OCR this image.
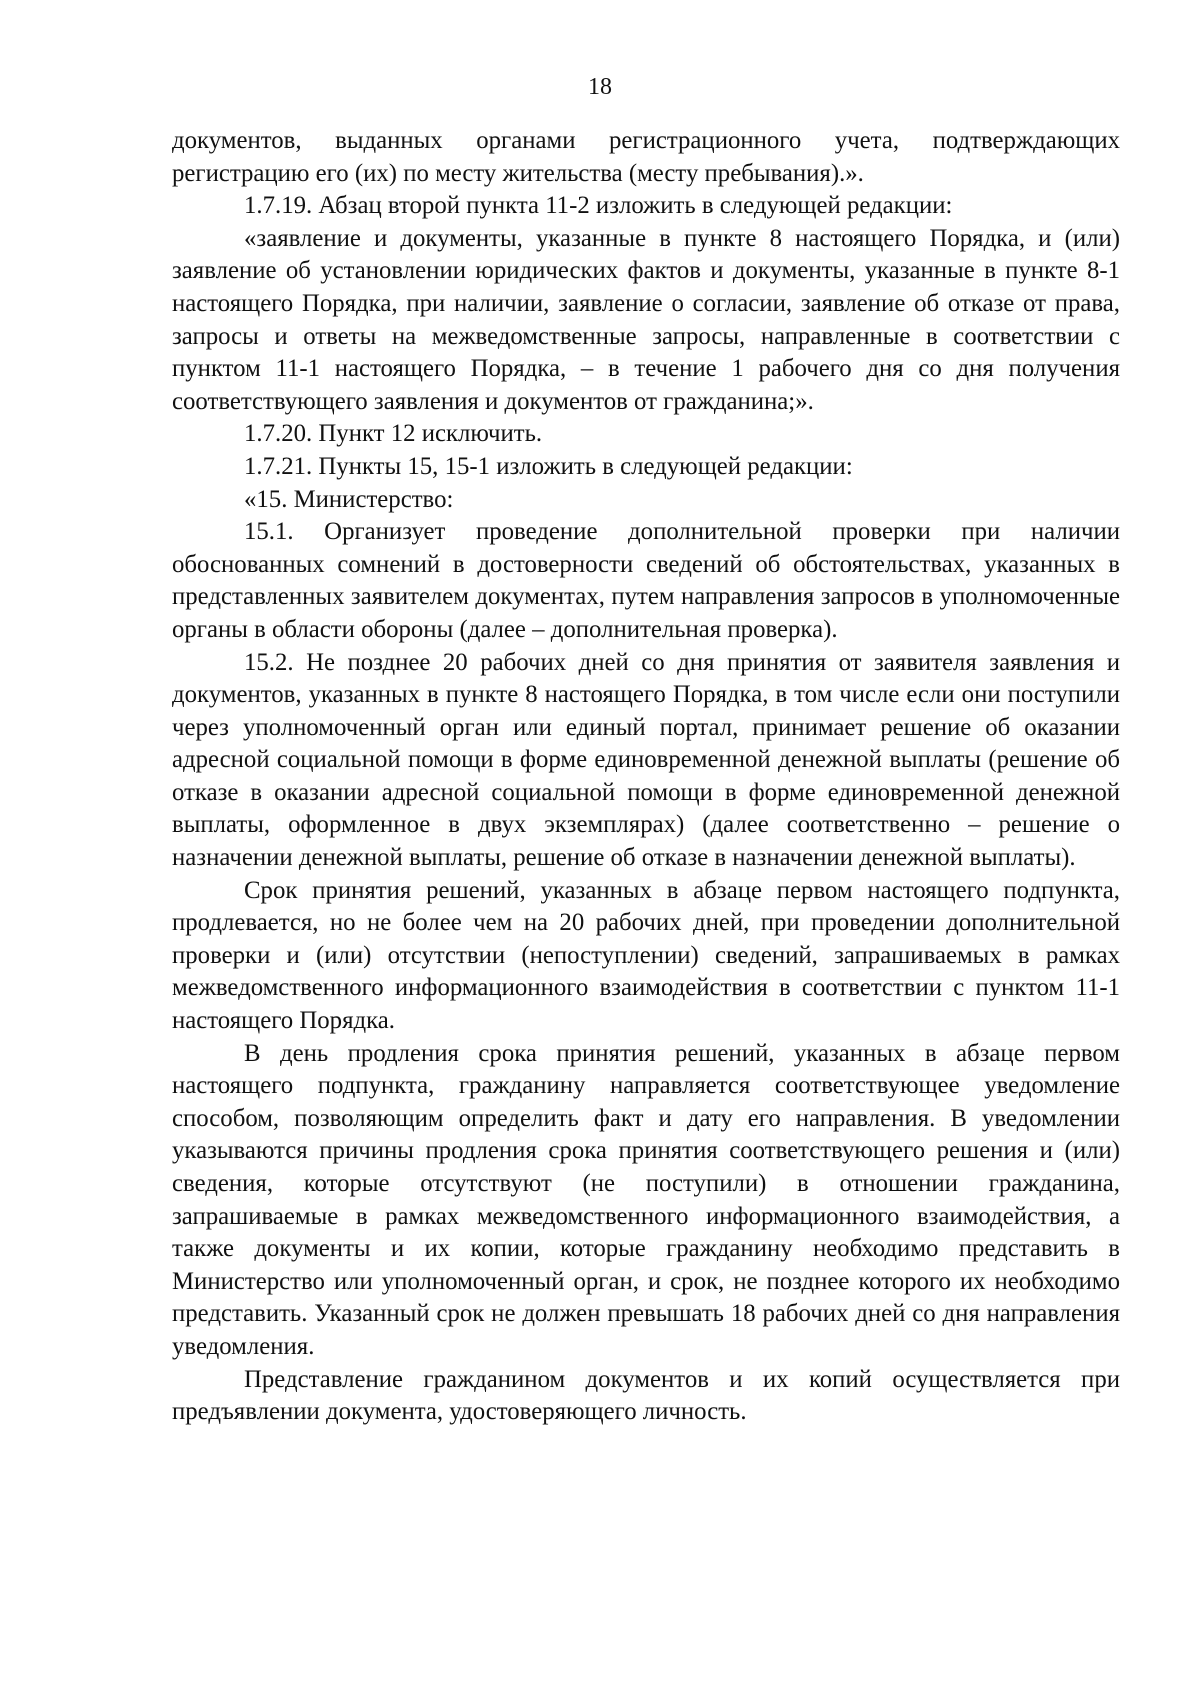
18

документов, выданных органами регистрационного учета, подтверждающих регистрацию его (их) по месту жительства (месту пребывания).».

1.7.19. Абзац второй пункта 11-2 изложить в следующей редакции:

«заявление и документы, указанные в пункте 8 настоящего Порядка, и (или) заявление об установлении юридических фактов и документы, указанные в пункте 8-1 настоящего Порядка, при наличии, заявление о согласии, заявление об отказе от права, запросы и ответы на межведомственные запросы, направленные в соответствии с пунктом 11-1 настоящего Порядка, – в течение 1 рабочего дня со дня получения соответствующего заявления и документов от гражданина;».

1.7.20. Пункт 12 исключить.

1.7.21. Пункты 15, 15-1 изложить в следующей редакции:

«15. Министерство:

15.1. Организует проведение дополнительной проверки при наличии обоснованных сомнений в достоверности сведений об обстоятельствах, указанных в представленных заявителем документах, путем направления запросов в уполномоченные органы в области обороны (далее – дополнительная проверка).

15.2. Не позднее 20 рабочих дней со дня принятия от заявителя заявления и документов, указанных в пункте 8 настоящего Порядка, в том числе если они поступили через уполномоченный орган или единый портал, принимает решение об оказании адресной социальной помощи в форме единовременной денежной выплаты (решение об отказе в оказании адресной социальной помощи в форме единовременной денежной выплаты, оформленное в двух экземплярах) (далее соответственно – решение о назначении денежной выплаты, решение об отказе в назначении денежной выплаты).

Срок принятия решений, указанных в абзаце первом настоящего подпункта, продлевается, но не более чем на 20 рабочих дней, при проведении дополнительной проверки и (или) отсутствии (непоступлении) сведений, запрашиваемых в рамках межведомственного информационного взаимодействия в соответствии с пунктом 11-1 настоящего Порядка.

В день продления срока принятия решений, указанных в абзаце первом настоящего подпункта, гражданину направляется соответствующее уведомление способом, позволяющим определить факт и дату его направления. В уведомлении указываются причины продления срока принятия соответствующего решения и (или) сведения, которые отсутствуют (не поступили) в отношении гражданина, запрашиваемые в рамках межведомственного информационного взаимодействия, а также документы и их копии, которые гражданину необходимо представить в Министерство или уполномоченный орган, и срок, не позднее которого их необходимо представить. Указанный срок не должен превышать 18 рабочих дней со дня направления уведомления.

Представление гражданином документов и их копий осуществляется при предъявлении документа, удостоверяющего личность.
